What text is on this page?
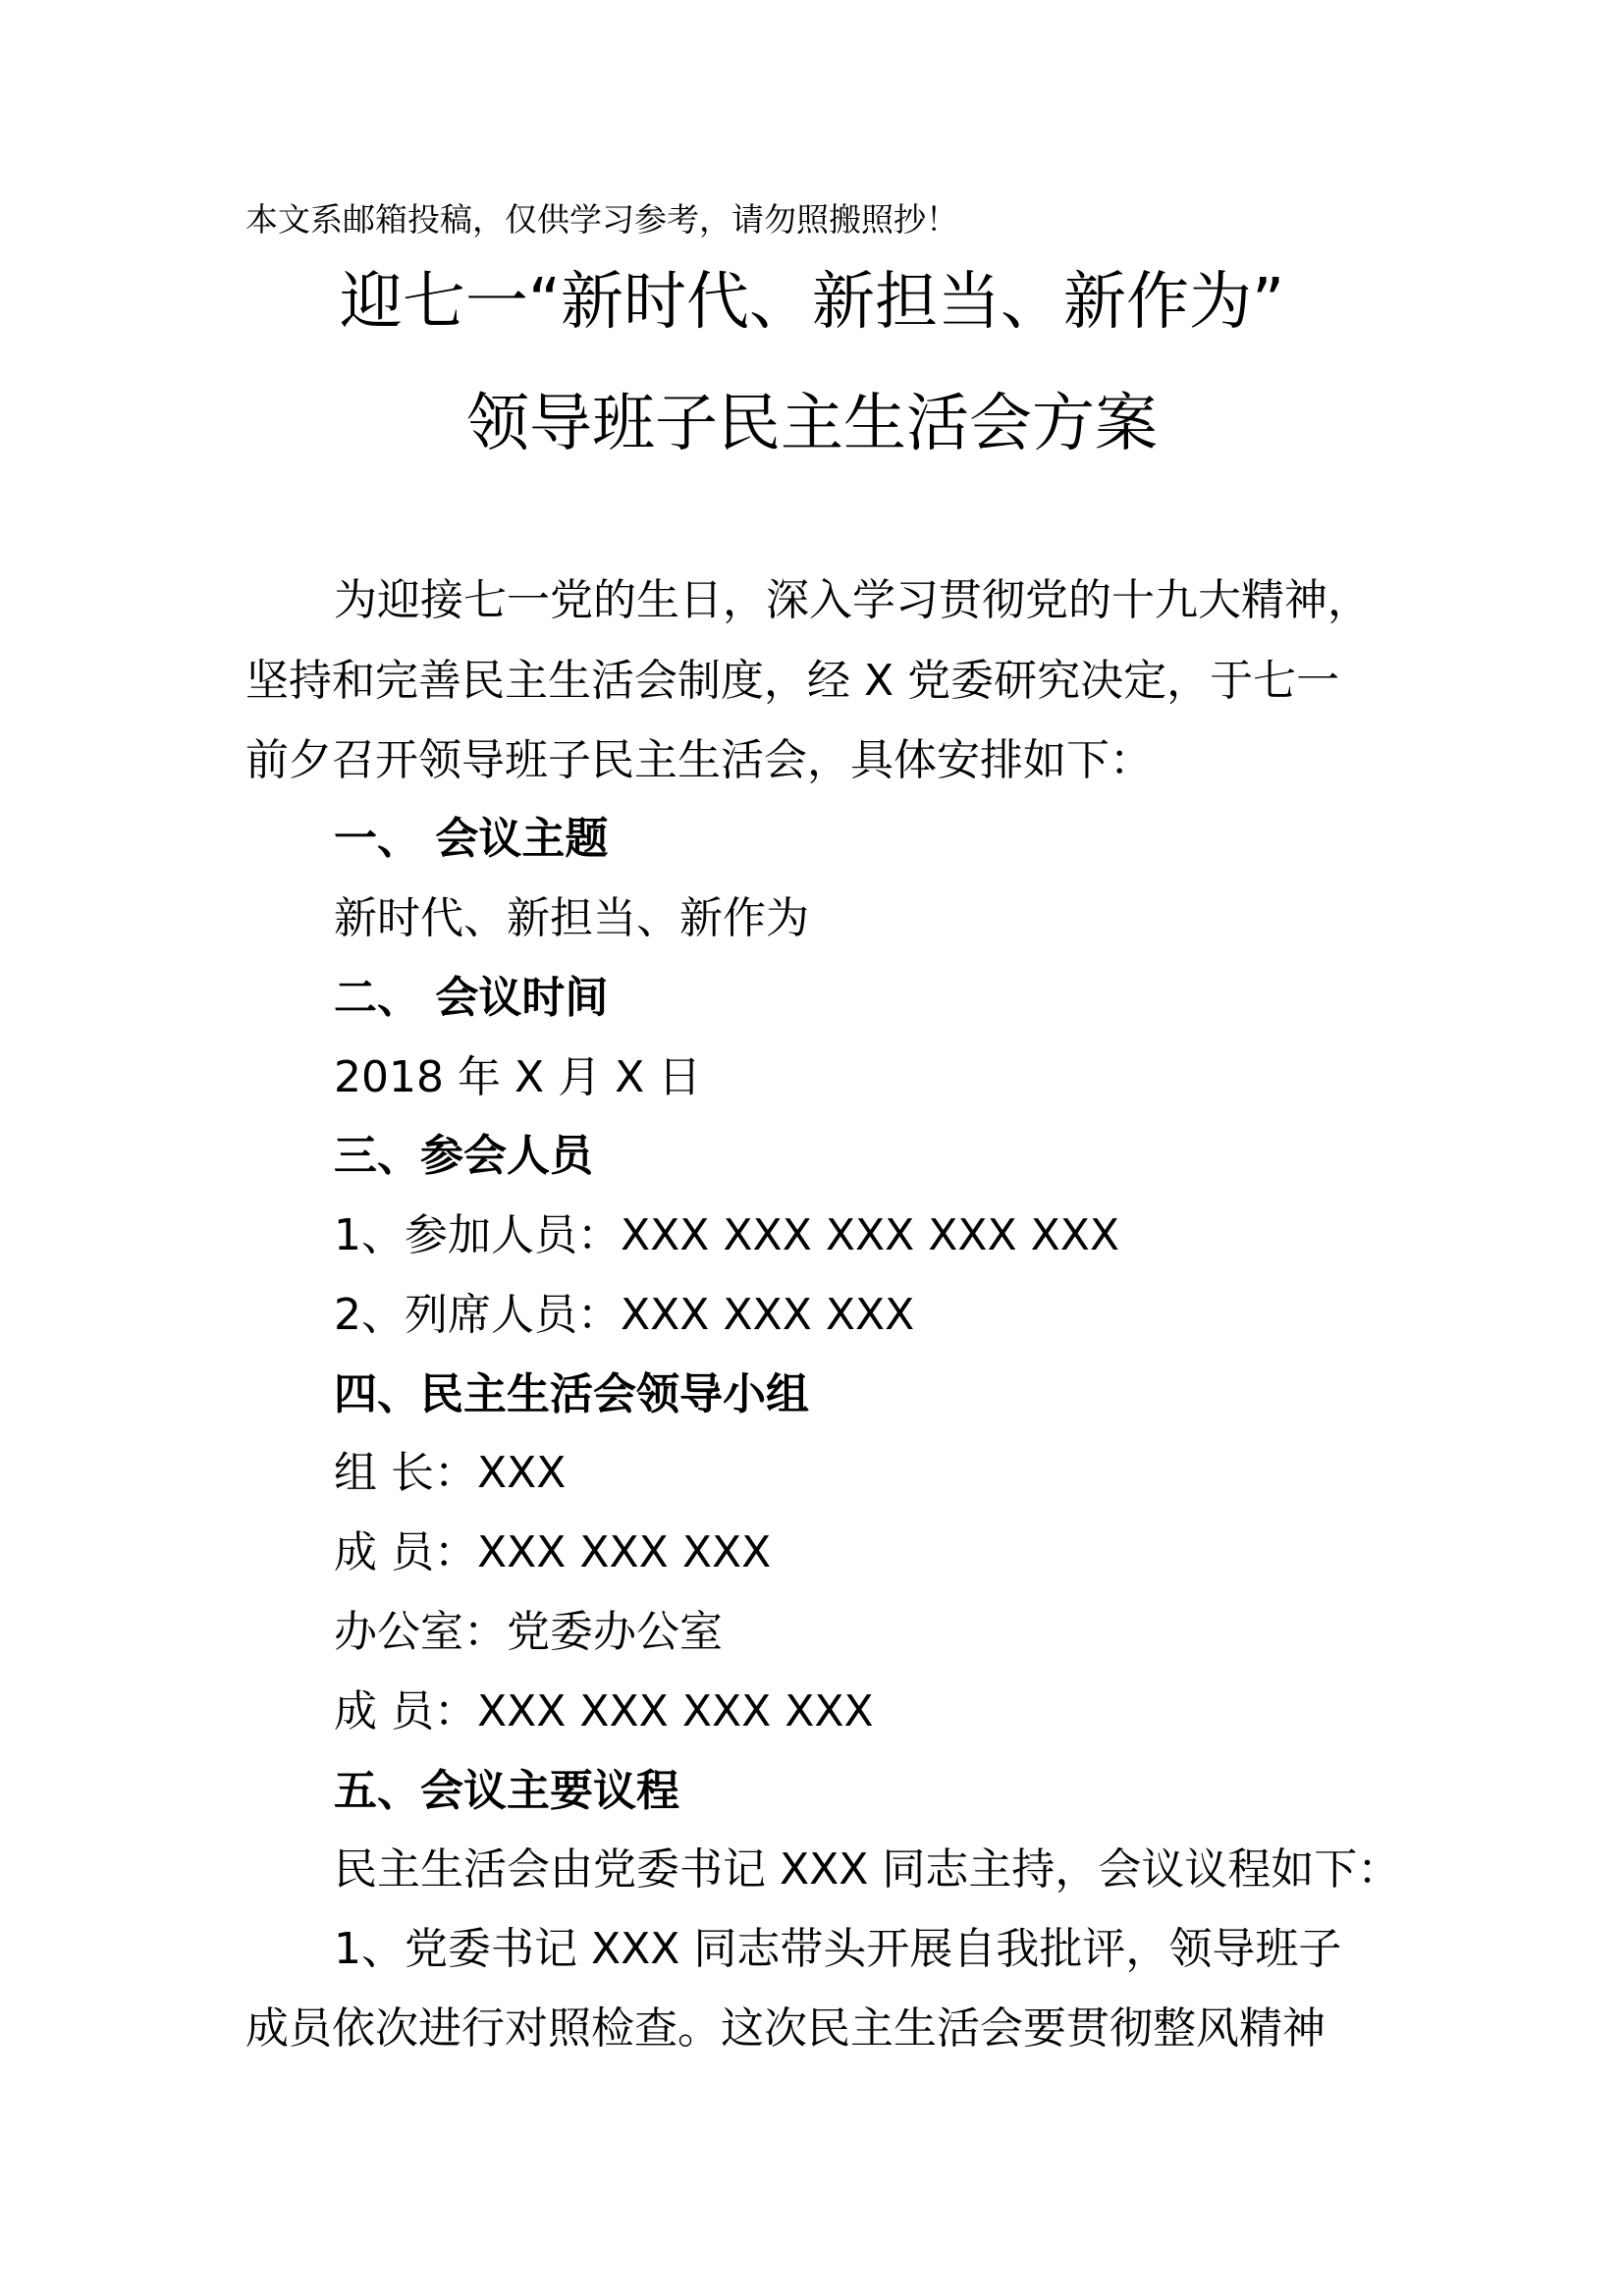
本文系邮箱投稿，仅供学习参考，请勿照搬照抄！
迎七一“新时代、新担当、新作为”
领导班子民主生活会方案
为迎接七一党的生日，深入学习贯彻党的十九大精神，
坚持和完善民主生活会制度，经 X 党委研究决定，于七一
前夕召开领导班子民主生活会，具体安排如下：
一、 会议主题
新时代、新担当、新作为
二、 会议时间
2018 年 X 月 X 日
三、参会人员
1、参加人员：XXX XXX XXX XXX XXX
2、列席人员：XXX XXX XXX
四、民主生活会领导小组
组 长：XXX
成 员：XXX XXX XXX
办公室：党委办公室
成 员：XXX XXX XXX XXX
五、会议主要议程
民主生活会由党委书记 XXX 同志主持，会议议程如下：
1、党委书记 XXX 同志带头开展自我批评，领导班子
成员依次进行对照检查。这次民主生活会要贯彻整风精神
